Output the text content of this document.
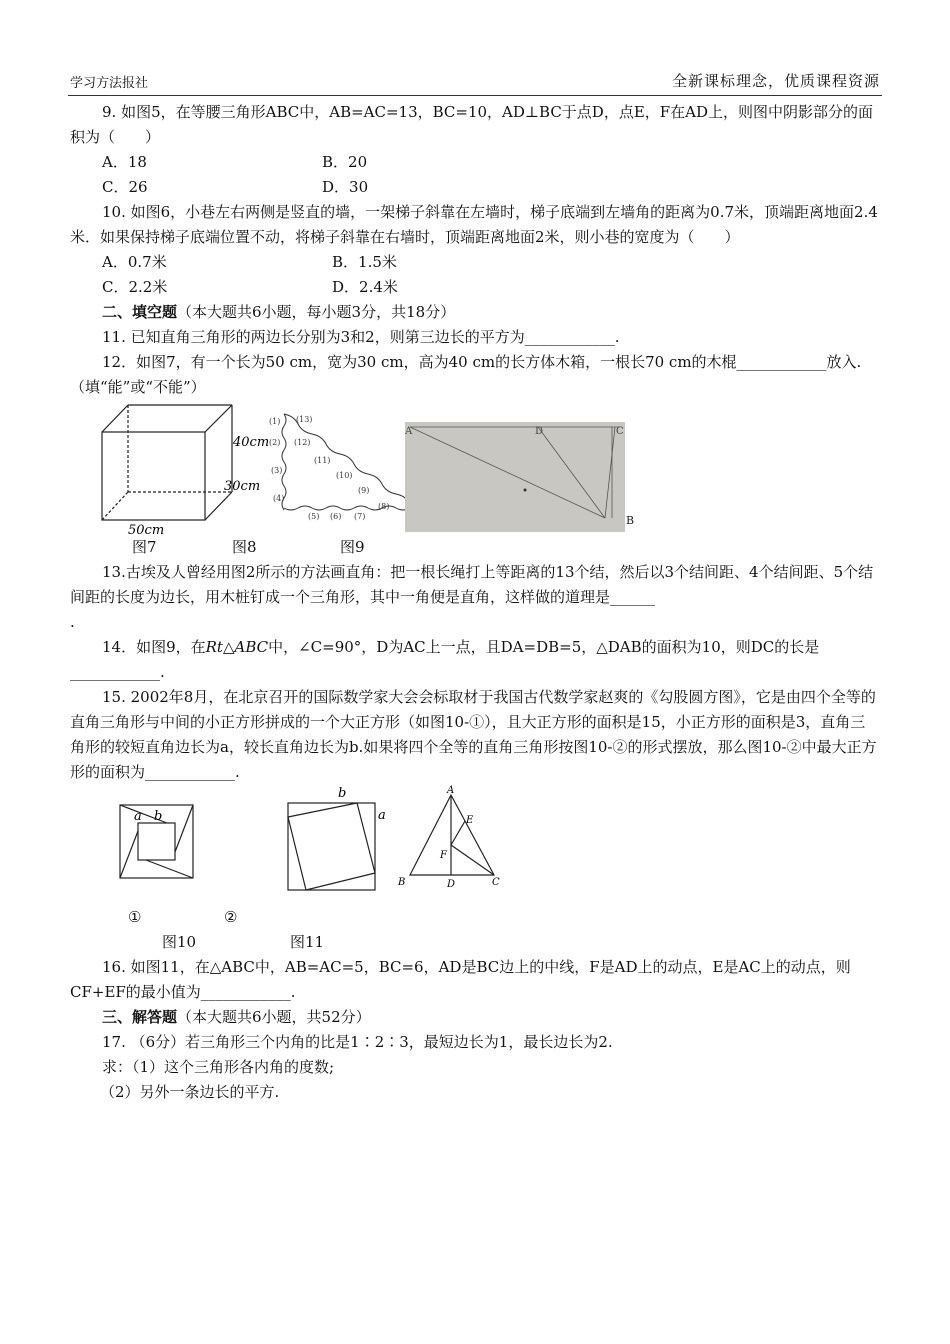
学习方法报社	全新课标理念，优质课程资源

9. 如图5，在等腰三角形ABC中，AB=AC=13，BC=10，AD⊥BC于点D，点E，F在AD上，则图中阴影部分的面积为（　　）

A．18	B．20
C．26	D．30

10. 如图6，小巷左右两侧是竖直的墙，一架梯子斜靠在左墙时，梯子底端到左墙角的距离为0.7米，顶端距离地面2.4米．如果保持梯子底端位置不动，将梯子斜靠在右墙时，顶端距离地面2米，则小巷的宽度为（　　）

A．0.7米	B．1.5米
C．2.2米	D．2.4米

二、填空题（本大题共6小题，每小题3分，共18分）

11. 已知直角三角形的两边长分别为3和2，则第三边长的平方为____________.

12．如图7，有一个长为50 cm，宽为30 cm，高为40 cm的长方体木箱，一根长70 cm的木棍____________放入.（填“能”或“不能”）

40cm
30cm
50cm
(1)
(2)
(3)
(4)
(5) (6) (7)
(8)
(9)
(10)
(11)
(12)
(13)
A	D	C
B
图7	图8	图9

13.古埃及人曾经用图2所示的方法画直角：把一根长绳打上等距离的13个结，然后以3个结间距、4个结间距、5个结间距的长度为边长，用木桩钉成一个三角形，其中一角便是直角，这样做的道理是______

.

14．如图9，在Rt△ABC中，∠C=90°，D为AC上一点，且DA=DB=5，△DAB的面积为10，则DC的长是____________.

15. 2002年8月，在北京召开的国际数学家大会会标取材于我国古代数学家赵爽的《勾股圆方图》，它是由四个全等的直角三角形与中间的小正方形拼成的一个大正方形（如图10-①），且大正方形的面积是15，小正方形的面积是3，直角三角形的较短直角边长为a，较长直角边长为b.如果将四个全等的直角三角形按图10-②的形式摆放，那么图10-②中最大正方形的面积为____________.

a b
b
a
A
E
F
B	D	C
①	②
图10	图11

16. 如图11，在△ABC中，AB=AC=5，BC=6，AD是BC边上的中线，F是AD上的动点，E是AC上的动点，则CF+EF的最小值为____________.

三、解答题（本大题共6小题，共52分）

17. （6分）若三角形三个内角的比是1∶2∶3，最短边长为1，最长边长为2.

求：（1）这个三角形各内角的度数;

（2）另外一条边长的平方.
